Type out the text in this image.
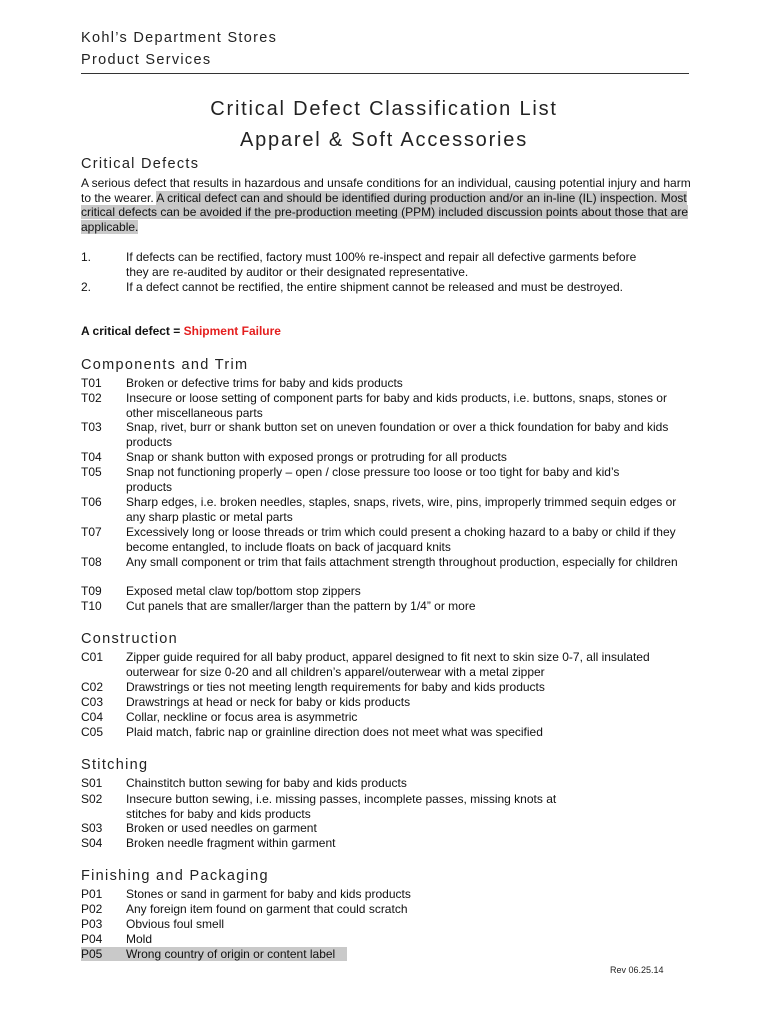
Kohl’s Department Stores
Product Services
Critical Defect Classification List
Apparel & Soft Accessories
Critical Defects
A serious defect that results in hazardous and unsafe conditions for an individual, causing potential injury and harm to the wearer. A critical defect can and should be identified during production and/or an in-line (IL) inspection. Most critical defects can be avoided if the pre-production meeting (PPM) included discussion points about those that are applicable.
1.	If defects can be rectified, factory must 100% re-inspect and repair all defective garments before they are re-audited by auditor or their designated representative.
2.	If a defect cannot be rectified, the entire shipment cannot be released and must be destroyed.
A critical defect = Shipment Failure
Components and Trim
T01 Broken or defective trims for baby and kids products
T02 Insecure or loose setting of component parts for baby and kids products, i.e. buttons, snaps, stones or other miscellaneous parts
T03 Snap, rivet, burr or shank button set on uneven foundation or over a thick foundation for baby and kids products
T04 Snap or shank button with exposed prongs or protruding for all products
T05 Snap not functioning properly – open / close pressure too loose or too tight for baby and kid’s products
T06 Sharp edges, i.e. broken needles, staples, snaps, rivets, wire, pins, improperly trimmed sequin edges or any sharp plastic or metal parts
T07 Excessively long or loose threads or trim which could present a choking hazard to a baby or child if they become entangled, to include floats on back of jacquard knits
T08 Any small component or trim that fails attachment strength throughout production, especially for children
T09 Exposed metal claw top/bottom stop zippers
T10 Cut panels that are smaller/larger than the pattern by 1/4” or more
Construction
C01 Zipper guide required for all baby product, apparel designed to fit next to skin size 0-7, all insulated outerwear for size 0-20 and all children’s apparel/outerwear with a metal zipper
C02 Drawstrings or ties not meeting length requirements for baby and kids products
C03 Drawstrings at head or neck for baby or kids products
C04 Collar, neckline or focus area is asymmetric
C05 Plaid match, fabric nap or grainline direction does not meet what was specified
Stitching
S01 Chainstitch button sewing for baby and kids products
S02 Insecure button sewing, i.e. missing passes, incomplete passes, missing knots at stitches for baby and kids products
S03 Broken or used needles on garment
S04 Broken needle fragment within garment
Finishing and Packaging
P01 Stones or sand in garment for baby and kids products
P02 Any foreign item found on garment that could scratch
P03 Obvious foul smell
P04 Mold
P05	Wrong country of origin or content label
Rev 06.25.14
